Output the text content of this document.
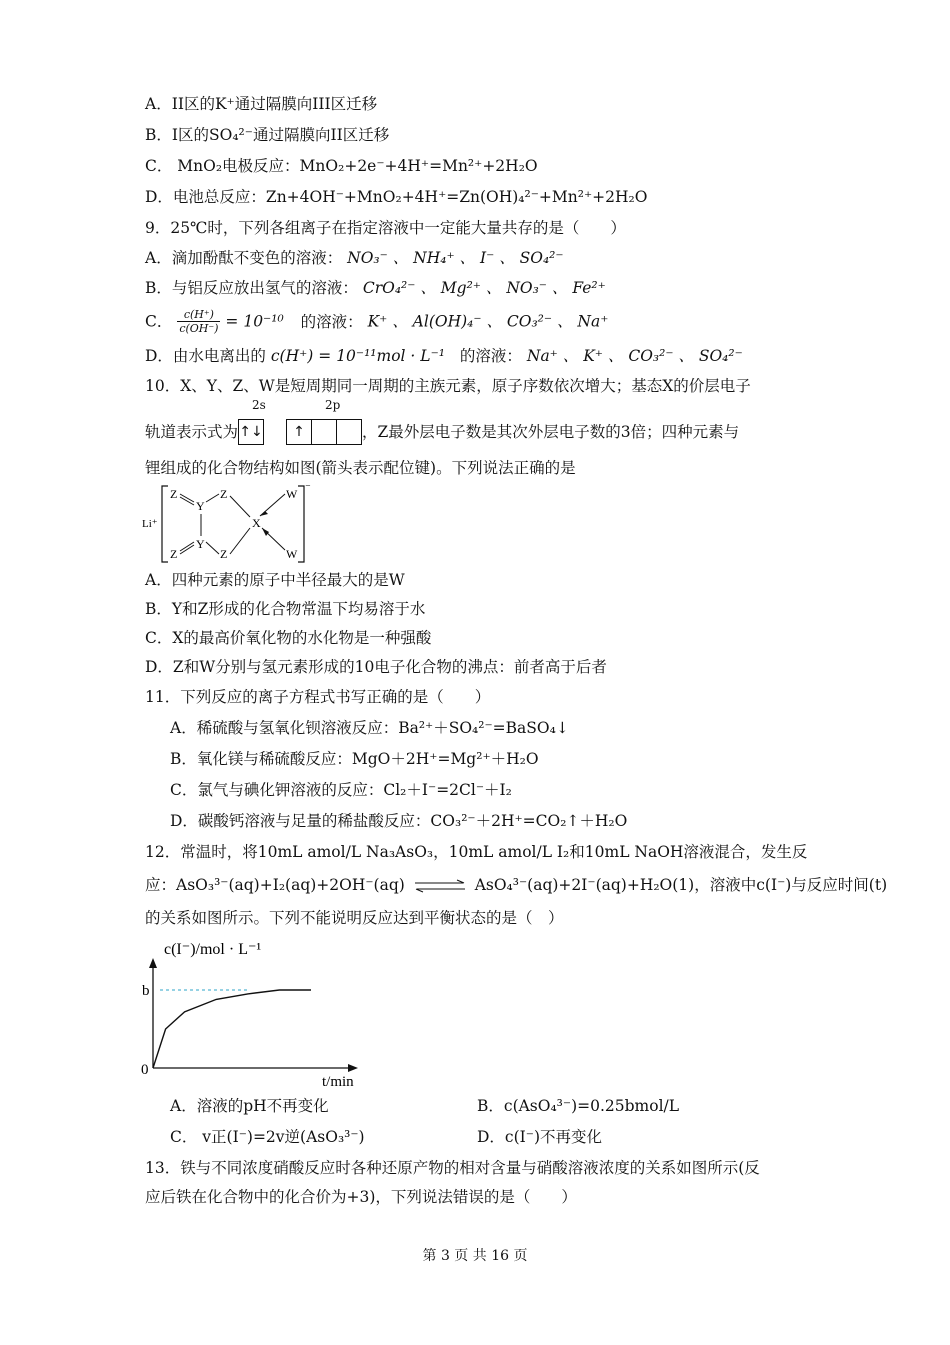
A．II区的K⁺通过隔膜向III区迁移
B．I区的SO₄²⁻通过隔膜向II区迁移
C． MnO₂电极反应：MnO₂+2e⁻+4H⁺=Mn²⁺+2H₂O
D．电池总反应：Zn+4OH⁻+MnO₂+4H⁺=Zn(OH)₄²⁻+Mn²⁺+2H₂O
9．25℃时，下列各组离子在指定溶液中一定能大量共存的是（　　）
A．滴加酚酞不变色的溶液： NO₃⁻ 、 NH₄⁺ 、 I⁻ 、 SO₄²⁻
B．与铝反应放出氢气的溶液： CrO₄²⁻ 、 Mg²⁺ 、 NO₃⁻ 、 Fe²⁺
C． $\frac{c(H^+)}{c(OH^-)} = 10^{-10}$ 的溶液： K⁺ 、 Al(OH)₄⁻ 、 CO₃²⁻ 、 Na⁺
D．由水电离出的 c(H⁺) = 10⁻¹¹mol · L⁻¹ 的溶液： Na⁺ 、 K⁺ 、 CO₃²⁻ 、 SO₄²⁻
10．X、Y、Z、W是短周期同一周期的主族元素，原子序数依次增大；基态X的价层电子
2s	2p
轨道表示式为↑↓ ↑	，Z最外层电子数是其次外层电子数的3倍；四种元素与
锂组成的化合物结构如图(箭头表示配位键)。下列说法正确的是
Li⁺
⁻
Z
Y
Z
X
W
Z
Y
Z	W
A．四种元素的原子中半径最大的是W
B．Y和Z形成的化合物常温下均易溶于水
C．X的最高价氧化物的水化物是一种强酸
D．Z和W分别与氢元素形成的10电子化合物的沸点：前者高于后者
11．下列反应的离子方程式书写正确的是（　　）
A．稀硫酸与氢氧化钡溶液反应：Ba²⁺＋SO₄²⁻=BaSO₄↓
B．氧化镁与稀硫酸反应：MgO＋2H⁺=Mg²⁺＋H₂O
C．氯气与碘化钾溶液的反应：Cl₂＋I⁻=2Cl⁻＋I₂
D．碳酸钙溶液与足量的稀盐酸反应：CO₃²⁻＋2H⁺=CO₂↑＋H₂O
12．常温时，将10mL amol/L Na₃AsO₃，10mL amol/L I₂和10mL NaOH溶液混合，发生反
应：AsO₃³⁻(aq)+I₂(aq)+2OH⁻(aq) ⇌ AsO₄³⁻(aq)+2I⁻(aq)+H₂O(1)，溶液中c(I⁻)与反应时间(t)
的关系如图所示。下列不能说明反应达到平衡状态的是（　）
c(I⁻)/mol · L⁻¹
t/min
0
b
A．溶液的pH不再变化	B．c(AsO₄³⁻)=0.25bmol/L
C． v正(I⁻)=2v逆(AsO₃³⁻)	D．c(I⁻)不再变化
13．铁与不同浓度硝酸反应时各种还原产物的相对含量与硝酸溶液浓度的关系如图所示(反
应后铁在化合物中的化合价为+3)，下列说法错误的是（　　）
第 3 页 共 16 页
